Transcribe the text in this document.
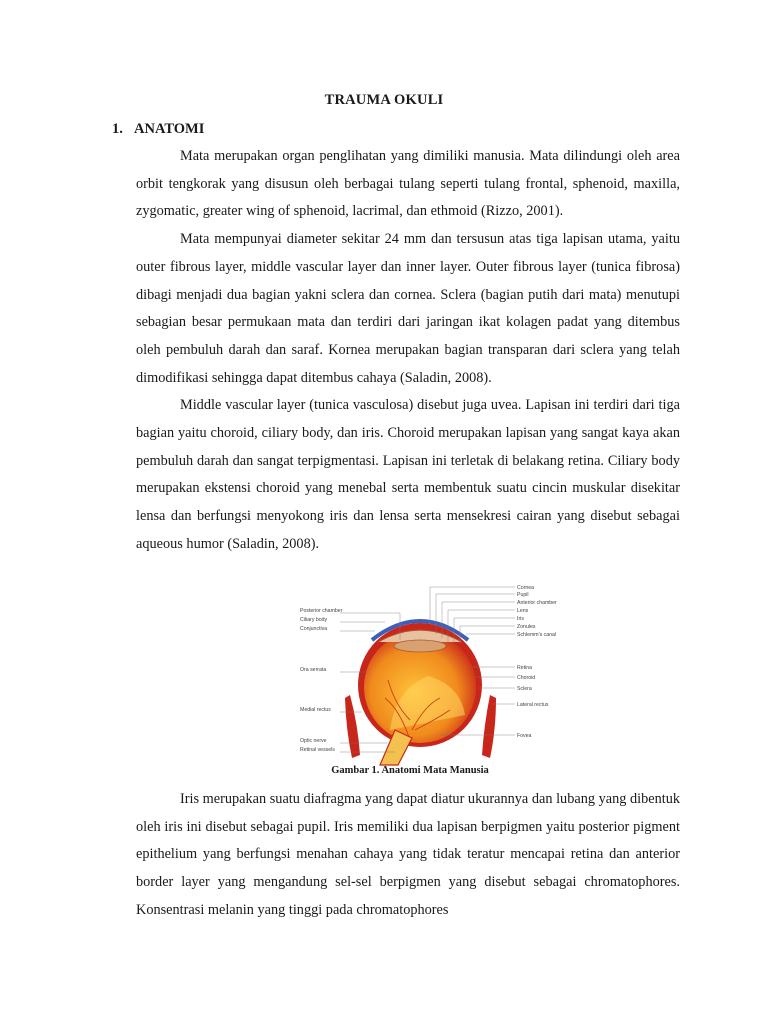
TRAUMA OKULI
1. ANATOMI

Mata merupakan organ penglihatan yang dimiliki manusia. Mata dilindungi oleh area orbit tengkorak yang disusun oleh berbagai tulang seperti tulang frontal, sphenoid, maxilla, zygomatic, greater wing of sphenoid, lacrimal, dan ethmoid (Rizzo, 2001).

Mata mempunyai diameter sekitar 24 mm dan tersusun atas tiga lapisan utama, yaitu outer fibrous layer, middle vascular layer dan inner layer. Outer fibrous layer (tunica fibrosa) dibagi menjadi dua bagian yakni sclera dan cornea. Sclera (bagian putih dari mata) menutupi sebagian besar permukaan mata dan terdiri dari jaringan ikat kolagen padat yang ditembus oleh pembuluh darah dan saraf. Kornea merupakan bagian transparan dari sclera yang telah dimodifikasi sehingga dapat ditembus cahaya (Saladin, 2008).

Middle vascular layer (tunica vasculosa) disebut juga uvea. Lapisan ini terdiri dari tiga bagian yaitu choroid, ciliary body, dan iris. Choroid merupakan lapisan yang sangat kaya akan pembuluh darah dan sangat terpigmentasi. Lapisan ini terletak di belakang retina. Ciliary body merupakan ekstensi choroid yang menebal serta membentuk suatu cincin muskular disekitar lensa dan berfungsi menyokong iris dan lensa serta mensekresi cairan yang disebut sebagai aqueous humor (Saladin, 2008).

Posterior chamber
Ciliary body
Conjunctiva
Ora serrata
Medial rectus
Optic nerve
Retinal vessels
Cornea
Pupil
Anterior chamber
Lens
Iris
Zonules
Schlemm's canal
Retina
Choroid
Sclera
Lateral rectus
Fovea
Gambar 1. Anatomi Mata Manusia

Iris merupakan suatu diafragma yang dapat diatur ukurannya dan lubang yang dibentuk oleh iris ini disebut sebagai pupil. Iris memiliki dua lapisan berpigmen yaitu posterior pigment epithelium yang berfungsi menahan cahaya yang tidak teratur mencapai retina dan anterior border layer yang mengandung sel-sel berpigmen yang disebut sebagai chromatophores. Konsentrasi melanin yang tinggi pada chromatophores
